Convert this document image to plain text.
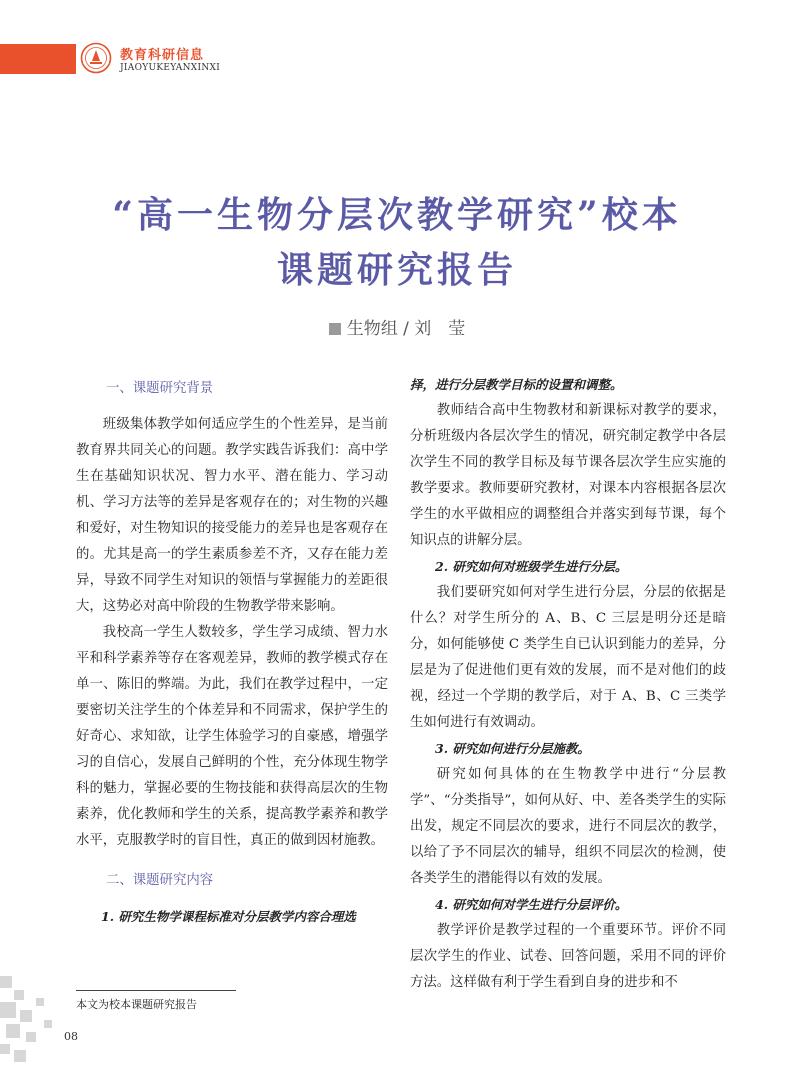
教育科研信息
JIAOYUKEYANXINXI
“高一生物分层次教学研究”校本
课题研究报告
生物组 / 刘　莹
一、课题研究背景

班级集体教学如何适应学生的个性差异，是当前教育界共同关心的问题。教学实践告诉我们：高中学生在基础知识状况、智力水平、潜在能力、学习动机、学习方法等的差异是客观存在的；对生物的兴趣和爱好，对生物知识的接受能力的差异也是客观存在的。尤其是高一的学生素质参差不齐，又存在能力差异，导致不同学生对知识的领悟与掌握能力的差距很大，这势必对高中阶段的生物教学带来影响。

我校高一学生人数较多，学生学习成绩、智力水平和科学素养等存在客观差异，教师的教学模式存在单一、陈旧的弊端。为此，我们在教学过程中，一定要密切关注学生的个体差异和不同需求，保护学生的好奇心、求知欲，让学生体验学习的自豪感，增强学习的自信心，发展自己鲜明的个性，充分体现生物学科的魅力，掌握必要的生物技能和获得高层次的生物素养，优化教师和学生的关系，提高教学素养和教学水平，克服教学时的盲目性，真正的做到因材施教。

二、课题研究内容
1. 研究生物学课程标准对分层教学内容合理选
择，进行分层教学目标的设置和调整。

教师结合高中生物教材和新课标对教学的要求，分析班级内各层次学生的情况，研究制定教学中各层次学生不同的教学目标及每节课各层次学生应实施的教学要求。教师要研究教材，对课本内容根据各层次学生的水平做相应的调整组合并落实到每节课，每个知识点的讲解分层。

2. 研究如何对班级学生进行分层。

我们要研究如何对学生进行分层，分层的依据是什么？对学生所分的 A、B、C 三层是明分还是暗分，如何能够使 C 类学生自已认识到能力的差异，分层是为了促进他们更有效的发展，而不是对他们的歧视，经过一个学期的教学后，对于 A、B、C 三类学生如何进行有效调动。

3. 研究如何进行分层施教。

研究如何具体的在生物教学中进行“分层教学”、“分类指导”，如何从好、中、差各类学生的实际出发，规定不同层次的要求，进行不同层次的教学，以给了予不同层次的辅导，组织不同层次的检测，使各类学生的潜能得以有效的发展。

4. 研究如何对学生进行分层评价。

教学评价是教学过程的一个重要环节。评价不同层次学生的作业、试卷、回答问题，采用不同的评价方法。这样做有利于学生看到自身的进步和不

本文为校本课题研究报告
08
